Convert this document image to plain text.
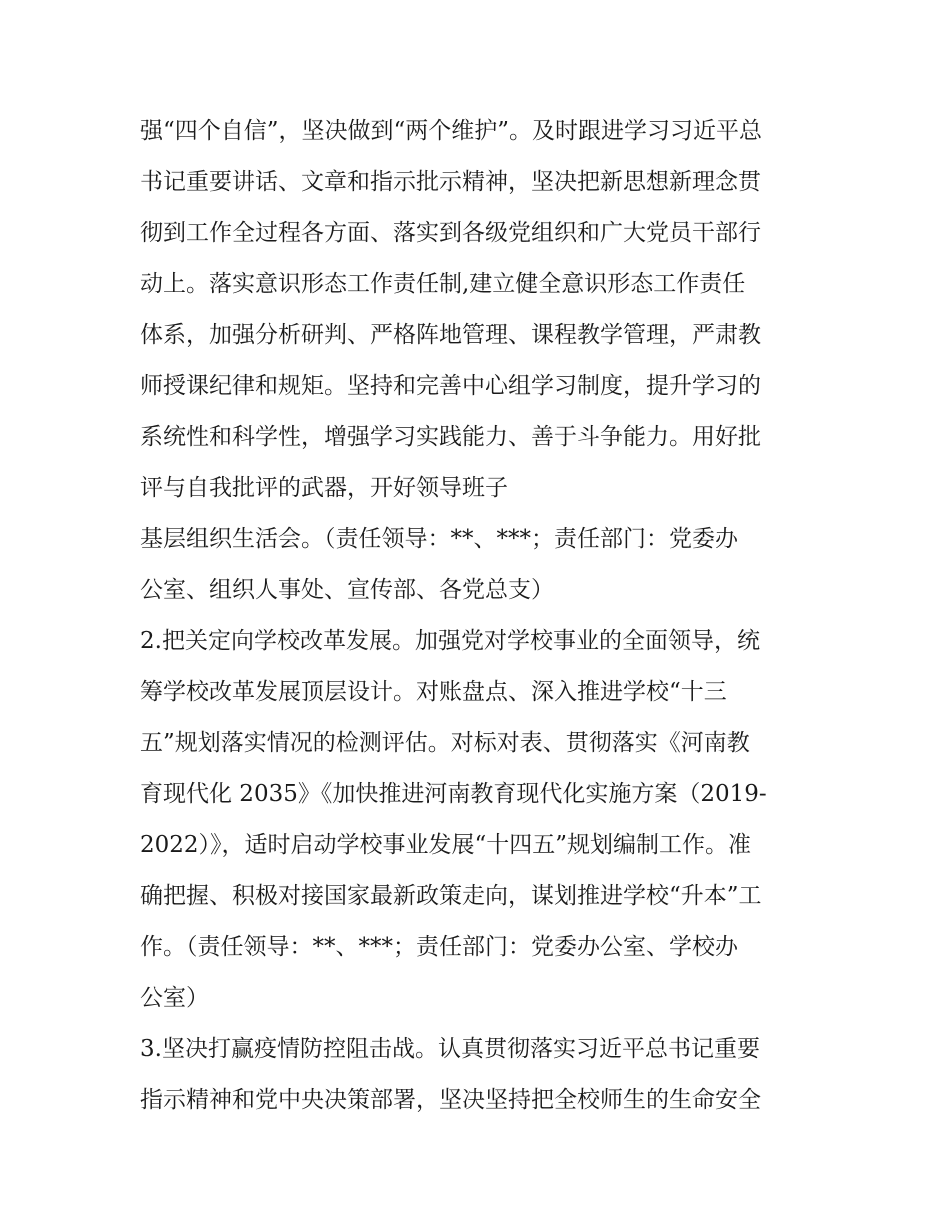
强“四个自信”，坚决做到“两个维护”。及时跟进学习习近平总
书记重要讲话、文章和指示批示精神，坚决把新思想新理念贯
彻到工作全过程各方面、落实到各级党组织和广大党员干部行
动上。落实意识形态工作责任制,建立健全意识形态工作责任
体系，加强分析研判、严格阵地管理、课程教学管理，严肃教
师授课纪律和规矩。坚持和完善中心组学习制度，提升学习的
系统性和科学性，增强学习实践能力、善于斗争能力。用好批
评与自我批评的武器，开好领导班子
基层组织生活会。（责任领导：**、***；责任部门：党委办
公室、组织人事处、宣传部、各党总支）
2.把关定向学校改革发展。加强党对学校事业的全面领导，统
筹学校改革发展顶层设计。对账盘点、深入推进学校“十三
五”规划落实情况的检测评估。对标对表、贯彻落实《河南教
育现代化 2035》《加快推进河南教育现代化实施方案（2019-
2022）》，适时启动学校事业发展“十四五”规划编制工作。准
确把握、积极对接国家最新政策走向，谋划推进学校“升本”工
作。（责任领导：**、***；责任部门：党委办公室、学校办
公室）
3.坚决打赢疫情防控阻击战。认真贯彻落实习近平总书记重要
指示精神和党中央决策部署，坚决坚持把全校师生的生命安全
